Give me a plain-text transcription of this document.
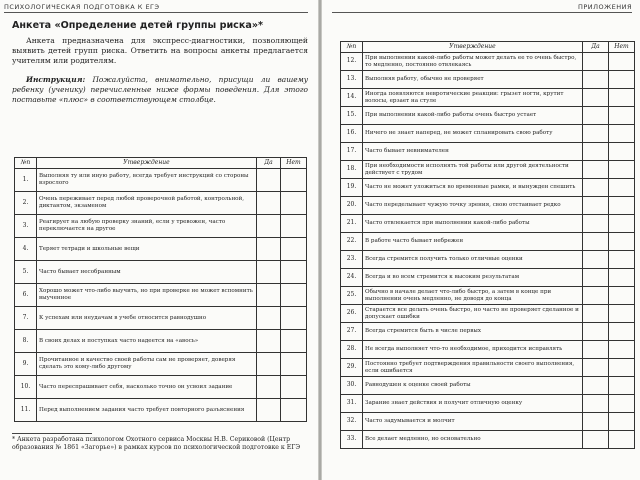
ПСИХОЛОГИЧЕСКАЯ ПОДГОТОВКА К ЕГЭ
Анкета «Определение детей группы риска»*
Анкета предназначена для экспресс-диагностики, позволяющей выявить детей групп риска. Ответить на вопросы анкеты предлагается учителям или родителям.
Инструкция: Пожалуйста, внимательно, присущи ли вашему ребенку (ученику) перечисленные ниже формы поведения. Для этого поставьте «плюс» в соответствующем столбце.
№п	Утверждение	Да	Нет
1.	Выполняя ту или иную работу, всегда требует инструкций со стороны взрослого		
2.	Очень переживает перед любой проверочной работой, контрольной, диктантом, экзаменом		
3.	Реагирует на любую проверку знаний, если у тревожен, часто переключается на другое		
4.	Теряет тетради и школьные вещи		
5.	Часто бывает несобранным		
6.	Хорошо может что-либо выучить, но при проверке не может вспомнить выученное		
7.	К успехам или неудачам в учебе относится равнодушно		
8.	В своих делах и поступках часто надеется на «авось»		
9.	Прочитанное и качество своей работы сам не проверяет, доверяя сделать это кому-либо другому		
10.	Часто переспрашивает себя, насколько точно он усвоил задание		
11.	Перед выполнением задания часто требует повторного разъяснения		
* Анкета разработана психологом Охотного сервиса Москвы Н.В. Сериковой (Центр образования № 1861 «Загорье») в рамках курсов по психологической подготовке к ЕГЭ
ПРИЛОЖЕНИЯ
№п	Утверждение	Да	Нет
12.	При выполнении какой-либо работы может делать ее то очень быстро, то медленно, постоянно отвлекаясь		
13.	Выполняя работу, обычно не проверяет		
14.	Иногда появляются невротические реакции: грызет ногти, крутит волосы, ерзает на стуле		
15.	При выполнении какой-либо работы очень быстро устает		
16.	Ничего не знает наперед, не может спланировать свою работу		
17.	Часто бывает невнимателен		
18.	При необходимости исполнять той работы или другой деятельности действует с трудом		
19.	Часто не может уложиться во временные рамки, и вынужден спешить		
20.	Часто переделывает чужую точку зрения, свою отстаивает редко		
21.	Часто отвлекается при выполнении какой-либо работы		
22.	В работе часто бывает небрежен		
23.	Всегда стремится получить только отличные оценки		
24.	Всегда и во всем стремится к высоким результатам		
25.	Обычно в начале делает что-либо быстро, а затем в конце при выполнении очень медленно, не доводя до конца		
26.	Старается все делать очень быстро, но часто не проверяет сделанное и допускает ошибки		
27.	Всегда стремится быть в числе первых		
28.	Не всегда выполняет что-то необходимое, приходится исправлять		
29.	Постоянно требует подтверждения правильности своего выполнения, если ошибается		
30.	Равнодушен к оценке своей работы		
31.	Зарание знает действия и получит отличную оценку		
32.	Часто задумывается и молчит		
33.	Все делает медленно, но основательно		
